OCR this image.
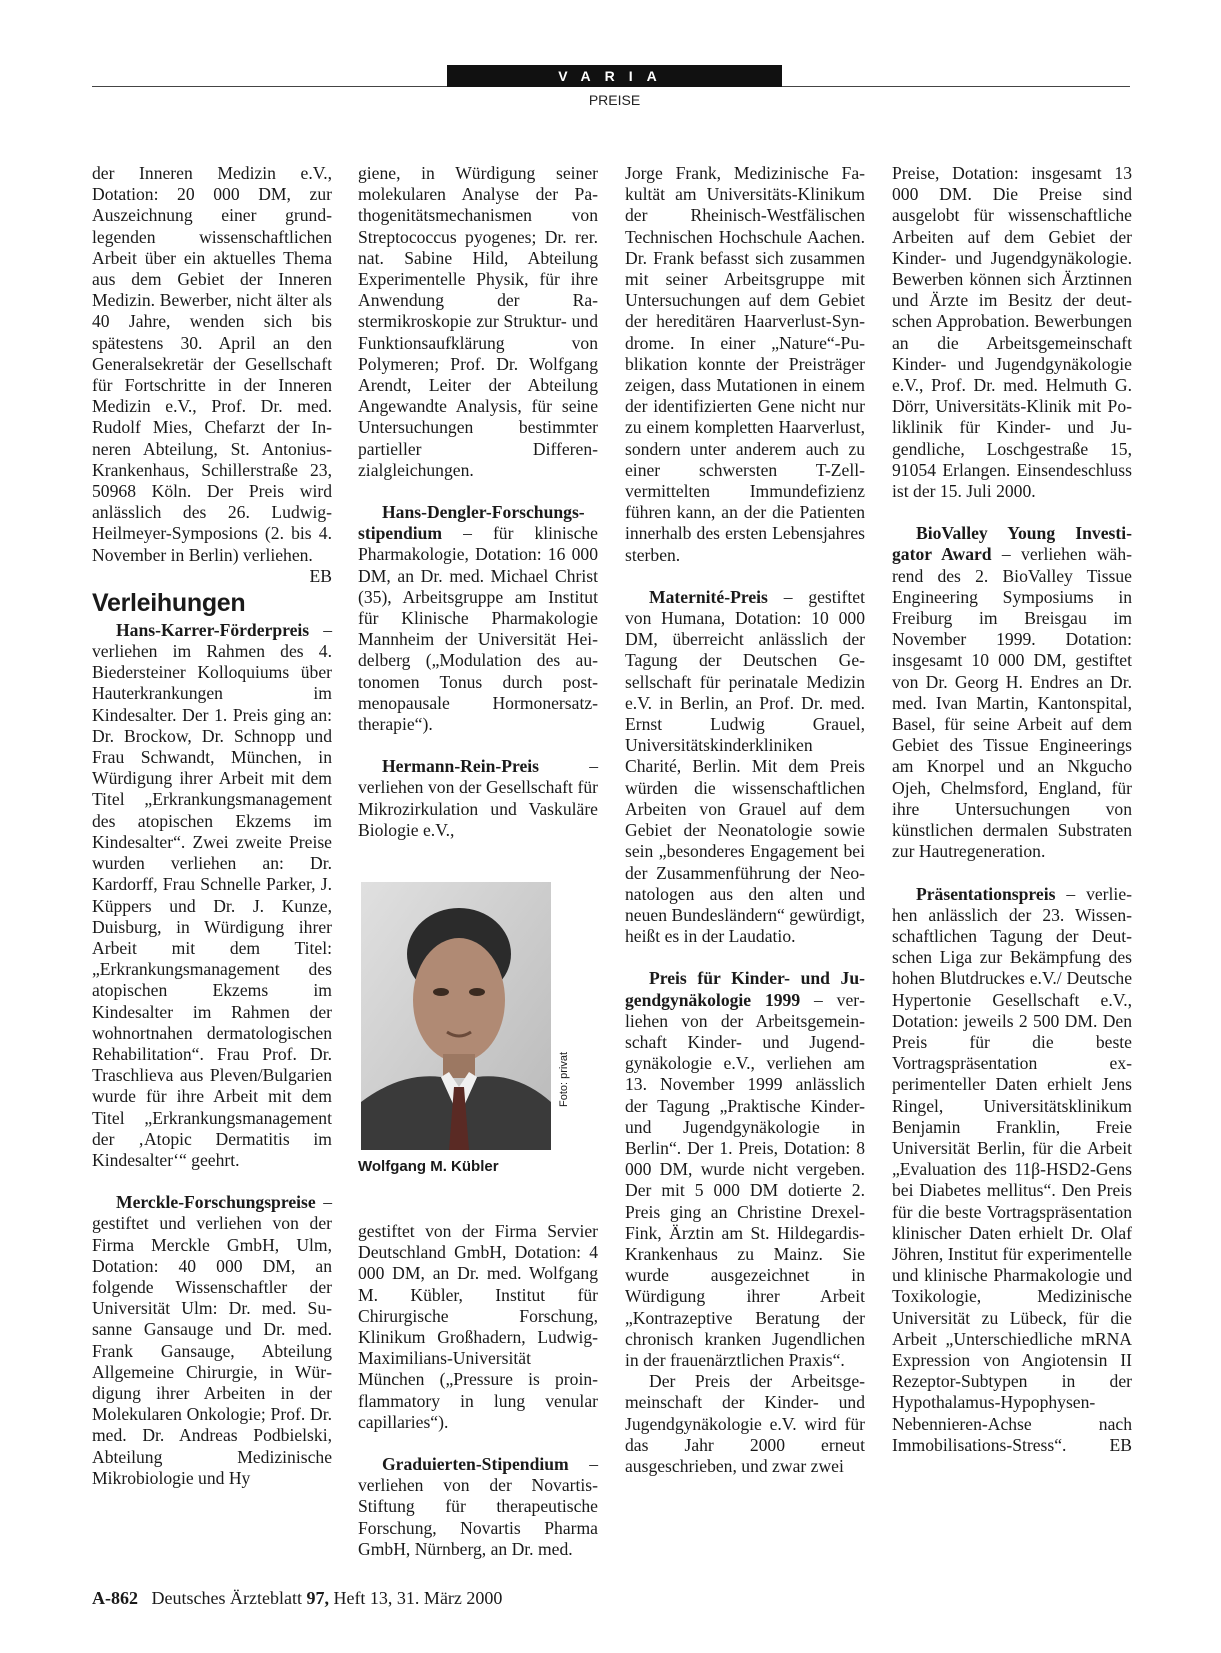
VARIA
PREISE

der Inneren Medizin e.V., Dotation: 20 000 DM, zur Auszeichnung einer grundlegenden wissenschaftlichen Arbeit über ein aktuelles Thema aus dem Gebiet der Inneren Medizin. Bewerber, nicht älter als 40 Jahre, wenden sich bis spätestens 30. April an den Generalsekretär der Gesellschaft für Fortschritte in der Inneren Medizin e.V., Prof. Dr. med. Rudolf Mies, Chefarzt der Inneren Abteilung, St. Antonius-Krankenhaus, Schillerstraße 23, 50968 Köln. Der Preis wird anlässlich des 26. Ludwig-Heilmeyer-Symposions (2. bis 4. November in Berlin) verliehen.
EB

Verleihungen

Hans-Karrer-Förderpreis – verliehen im Rahmen des 4. Biedersteiner Kolloquiums über Hauterkrankungen im Kindesalter. Der 1. Preis ging an: Dr. Brockow, Dr. Schnopp und Frau Schwandt, München, in Würdigung ihrer Arbeit mit dem Titel „Erkrankungsmanagement des atopischen Ekzems im Kindesalter“. Zwei zweite Preise wurden verliehen an: Dr. Kardorff, Frau Schnelle Parker, J. Küppers und Dr. J. Kunze, Duisburg, in Würdigung ihrer Arbeit mit dem Titel: „Erkrankungsmanagement des atopischen Ekzems im Kindesalter im Rahmen der wohnortnahen dermatologischen Rehabilitation“. Frau Prof. Dr. Traschlieva aus Pleven/Bulgarien wurde für ihre Arbeit mit dem Titel „Erkrankungsmanagement der ‚Atopic Dermatitis im Kindesalter‘“ geehrt.

Merckle-Forschungspreise – gestiftet und verliehen von der Firma Merckle GmbH, Ulm, Dotation: 40 000 DM, an folgende Wissenschaftler der Universität Ulm: Dr. med. Susanne Gansauge und Dr. med. Frank Gansauge, Abteilung Allgemeine Chirurgie, in Würdigung ihrer Arbeiten in der Molekularen Onkologie; Prof. Dr. med. Dr. Andreas Podbielski, Abteilung Medizinische Mikrobiologie und Hy

giene, in Würdigung seiner molekularen Analyse der Pathogenitätsmechanismen von Streptococcus pyogenes; Dr. rer. nat. Sabine Hild, Abteilung Experimentelle Physik, für ihre Anwendung der Rastermikroskopie zur Struktur- und Funktionsaufklärung von Polymeren; Prof. Dr. Wolfgang Arendt, Leiter der Abteilung Angewandte Analysis, für seine Untersuchungen bestimmter partieller Differenzialgleichungen.

Hans-Dengler-Forschungsstipendium – für klinische Pharmakologie, Dotation: 16 000 DM, an Dr. med. Michael Christ (35), Arbeitsgruppe am Institut für Klinische Pharmakologie Mannheim der Universität Heidelberg („Modulation des autonomen Tonus durch postmenopausale Hormonersatztherapie“).

Hermann-Rein-Preis – verliehen von der Gesellschaft für Mikrozirkulation und Vaskuläre Biologie e.V.,

Foto: privat
Wolfgang M. Kübler

gestiftet von der Firma Servier Deutschland GmbH, Dotation: 4 000 DM, an Dr. med. Wolfgang M. Kübler, Institut für Chirurgische Forschung, Klinikum Großhadern, Ludwig-Maximilians-Universität München („Pressure is proinflammatory in lung venular capillaries“).

Graduierten-Stipendium – verliehen von der Novartis-Stiftung für therapeutische Forschung, Novartis Pharma GmbH, Nürnberg, an Dr. med.

Jorge Frank, Medizinische Fakultät am Universitäts-Klinikum der Rheinisch-Westfälischen Technischen Hochschule Aachen. Dr. Frank befasst sich zusammen mit seiner Arbeitsgruppe mit Untersuchungen auf dem Gebiet der hereditären Haarverlust-Syndrome. In einer „Nature“-Publikation konnte der Preisträger zeigen, dass Mutationen in einem der identifizierten Gene nicht nur zu einem kompletten Haarverlust, sondern unter anderem auch zu einer schwersten T-Zellvermittelten Immundefizienz führen kann, an der die Patienten innerhalb des ersten Lebensjahres sterben.

Maternité-Preis – gestiftet von Humana, Dotation: 10 000 DM, überreicht anlässlich der Tagung der Deutschen Gesellschaft für perinatale Medizin e.V. in Berlin, an Prof. Dr. med. Ernst Ludwig Grauel, Universitätskinderkliniken Charité, Berlin. Mit dem Preis würden die wissenschaftlichen Arbeiten von Grauel auf dem Gebiet der Neonatologie sowie sein „besonderes Engagement bei der Zusammenführung der Neonatologen aus den alten und neuen Bundesländern“ gewürdigt, heißt es in der Laudatio.

Preis für Kinder- und Jugendgynäkologie 1999 – verliehen von der Arbeitsgemeinschaft Kinder- und Jugendgynäkologie e.V., verliehen am 13. November 1999 anlässlich der Tagung „Praktische Kinder- und Jugendgynäkologie in Berlin“. Der 1. Preis, Dotation: 8 000 DM, wurde nicht vergeben. Der mit 5 000 DM dotierte 2. Preis ging an Christine Drexel-Fink, Ärztin am St. Hildegardis-Krankenhaus zu Mainz. Sie wurde ausgezeichnet in Würdigung ihrer Arbeit „Kontrazeptive Beratung der chronisch kranken Jugendlichen in der frauenärztlichen Praxis“.

Der Preis der Arbeitsgemeinschaft der Kinder- und Jugendgynäkologie e.V. wird für das Jahr 2000 erneut ausgeschrieben, und zwar zwei

Preise, Dotation: insgesamt 13 000 DM. Die Preise sind ausgelobt für wissenschaftliche Arbeiten auf dem Gebiet der Kinder- und Jugendgynäkologie. Bewerben können sich Ärztinnen und Ärzte im Besitz der deutschen Approbation. Bewerbungen an die Arbeitsgemeinschaft Kinder- und Jugendgynäkologie e.V., Prof. Dr. med. Helmuth G. Dörr, Universitäts-Klinik mit Poliklinik für Kinder- und Jugendliche, Loschgestraße 15, 91054 Erlangen. Einsendeschluss ist der 15. Juli 2000.

BioValley Young Investigator Award – verliehen während des 2. BioValley Tissue Engineering Symposiums in Freiburg im Breisgau im November 1999. Dotation: insgesamt 10 000 DM, gestiftet von Dr. Georg H. Endres an Dr. med. Ivan Martin, Kantonspital, Basel, für seine Arbeit auf dem Gebiet des Tissue Engineerings am Knorpel und an Nkgucho Ojeh, Chelmsford, England, für ihre Untersuchungen von künstlichen dermalen Substraten zur Hautregeneration.

Präsentationspreis – verliehen anlässlich der 23. Wissenschaftlichen Tagung der Deutschen Liga zur Bekämpfung des hohen Blutdruckes e.V./ Deutsche Hypertonie Gesellschaft e.V., Dotation: jeweils 2 500 DM. Den Preis für die beste Vortragspräsentation experimenteller Daten erhielt Jens Ringel, Universitätsklinikum Benjamin Franklin, Freie Universität Berlin, für die Arbeit „Evaluation des 11β-HSD2-Gens bei Diabetes mellitus“. Den Preis für die beste Vortragspräsentation klinischer Daten erhielt Dr. Olaf Jöhren, Institut für experimentelle und klinische Pharmakologie und Toxikologie, Medizinische Universität zu Lübeck, für die Arbeit „Unterschiedliche mRNA Expression von Angiotensin II Rezeptor-Subtypen in der Hypothalamus-Hypophysen-Nebennieren-Achse nach Immobilisations-Stress“.	EB

A-862 Deutsches Ärzteblatt 97, Heft 13, 31. März 2000
